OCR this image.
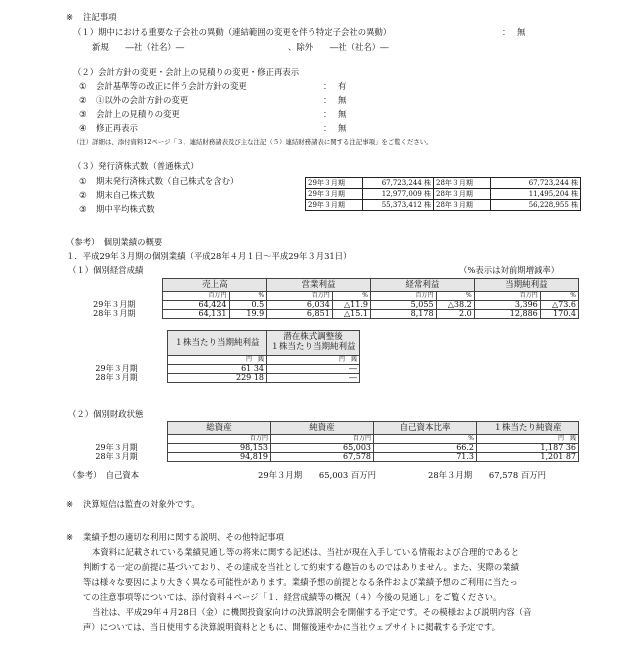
※ 注記事項
（１）期中における重要な子会社の異動（連結範囲の変更を伴う特定子会社の異動）	： 無
新規　　―社（社名）―	、除外　　―社（社名）―
（２）会計方針の変更・会計上の見積りの変更・修正再表示
① 会計基準等の改正に伴う会計方針の変更	： 有
② ①以外の会計方針の変更	： 無
③ 会計上の見積りの変更	： 無
④ 修正再表示	： 無
（注）詳細は、添付資料12ページ「３．連結財務諸表及び主な注記（５）連結財務諸表に関する注記事項」をご覧ください。
（３）発行済株式数（普通株式）
① 期末発行済株式数（自己株式を含む）
② 期末自己株式数
③ 期中平均株式数
29年３月期	67,723,244 株	28年３月期	67,723,244 株
29年３月期	12,977,009 株	28年３月期	11,495,204 株
29年３月期	55,373,412 株	28年３月期	56,228,955 株
（参考）　個別業績の概要
１．平成29年３月期の個別業績（平成28年４月１日～平成29年３月31日）
（１）個別経営成績	（%表示は対前期増減率）
	売上高		営業利益		経常利益		当期純利益	
	百万円	%	百万円	%	百万円	%	百万円	%
29年３月期	64,424	0.5	6,034	△11.9	5,055	△38.2	3,396	△73.6
28年３月期	64,131	19.9	6,851	△15.1	8,178	2.0	12,886	170.4
	１株当たり当期純利益	潜在株式調整後
１株当たり当期純利益
	円　銭	円　銭
29年３月期	61 34	―
28年３月期	229 18	―
（２）個別財政状態
	総資産	純資産	自己資本比率	１株当たり純資産
	百万円	百万円	%	円　銭
29年３月期	98,153	65,003	66.2	1,187 36
28年３月期	94,819	67,578	71.3	1,201 87
（参考）　自己資本	29年３月期　　65,003 百万円	28年３月期　　67,578 百万円
※ 決算短信は監査の対象外です。
※ 業績予想の適切な利用に関する説明、その他特記事項
本資料に記載されている業績見通し等の将来に関する記述は、当社が現在入手している情報および合理的であると
判断する一定の前提に基づいており、その達成を当社として約束する趣旨のものではありません。また、実際の業績
等は様々な要因により大きく異なる可能性があります。業績予想の前提となる条件および業績予想のご利用に当たっ
ての注意事項等については、添付資料４ページ「１．経営成績等の概況（４）今後の見通し」をご覧ください。
当社は、平成29年４月28日（金）に機関投資家向けの決算説明会を開催する予定です。その模様および説明内容（音
声）については、当日使用する決算説明資料とともに、開催後速やかに当社ウェブサイトに掲載する予定です。
